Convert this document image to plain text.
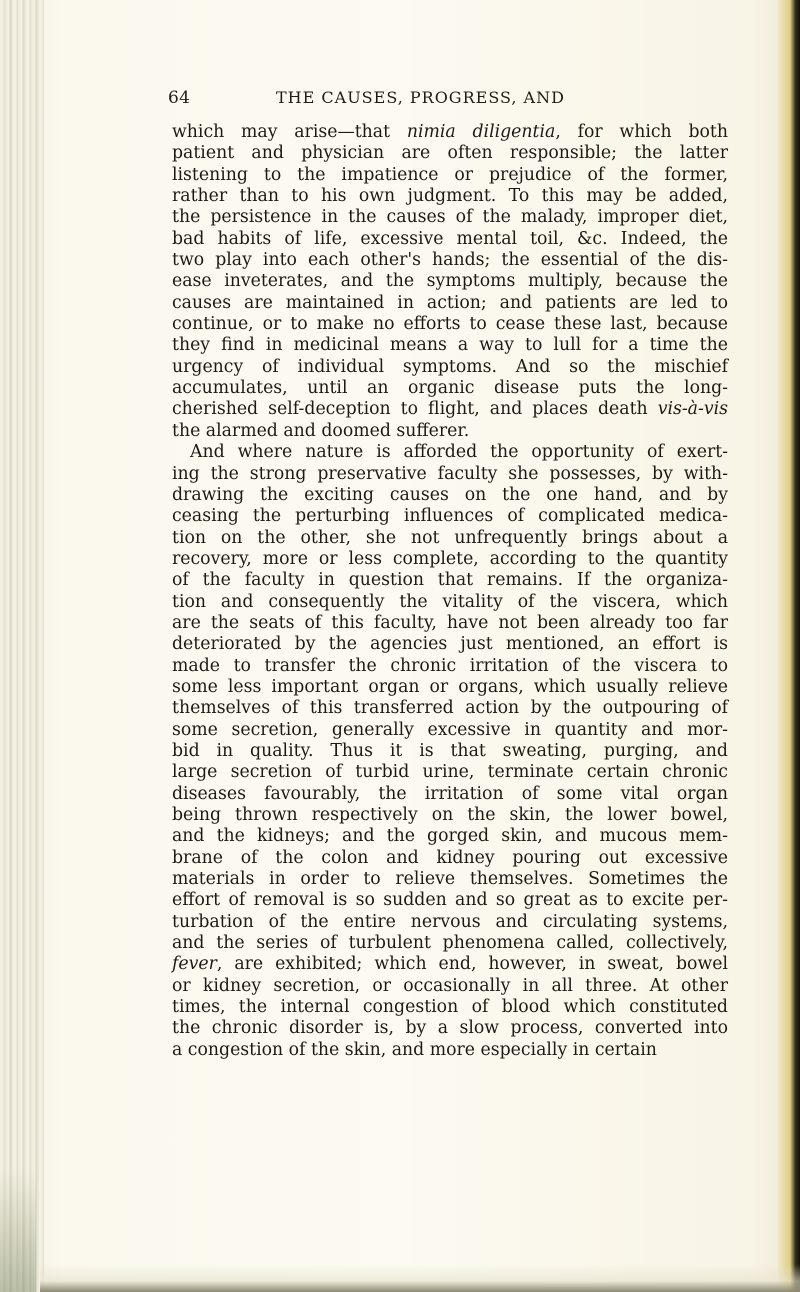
64	THE CAUSES, PROGRESS, AND
which may arise—that nimia diligentia, for which both
patient and physician are often responsible; the latter
listening to the impatience or prejudice of the former,
rather than to his own judgment. To this may be added,
the persistence in the causes of the malady, improper diet,
bad habits of life, excessive mental toil, &c. Indeed, the
two play into each other's hands; the essential of the dis-
ease inveterates, and the symptoms multiply, because the
causes are maintained in action; and patients are led to
continue, or to make no efforts to cease these last, because
they find in medicinal means a way to lull for a time the
urgency of individual symptoms. And so the mischief
accumulates, until an organic disease puts the long-
cherished self-deception to flight, and places death vis-à-vis
the alarmed and doomed sufferer.
And where nature is afforded the opportunity of exert-
ing the strong preservative faculty she possesses, by with-
drawing the exciting causes on the one hand, and by
ceasing the perturbing influences of complicated medica-
tion on the other, she not unfrequently brings about a
recovery, more or less complete, according to the quantity
of the faculty in question that remains. If the organiza-
tion and consequently the vitality of the viscera, which
are the seats of this faculty, have not been already too far
deteriorated by the agencies just mentioned, an effort is
made to transfer the chronic irritation of the viscera to
some less important organ or organs, which usually relieve
themselves of this transferred action by the outpouring of
some secretion, generally excessive in quantity and mor-
bid in quality. Thus it is that sweating, purging, and
large secretion of turbid urine, terminate certain chronic
diseases favourably, the irritation of some vital organ
being thrown respectively on the skin, the lower bowel,
and the kidneys; and the gorged skin, and mucous mem-
brane of the colon and kidney pouring out excessive
materials in order to relieve themselves. Sometimes the
effort of removal is so sudden and so great as to excite per-
turbation of the entire nervous and circulating systems,
and the series of turbulent phenomena called, collectively,
fever, are exhibited; which end, however, in sweat, bowel
or kidney secretion, or occasionally in all three. At other
times, the internal congestion of blood which constituted
the chronic disorder is, by a slow process, converted into
a congestion of the skin, and more especially in certain
